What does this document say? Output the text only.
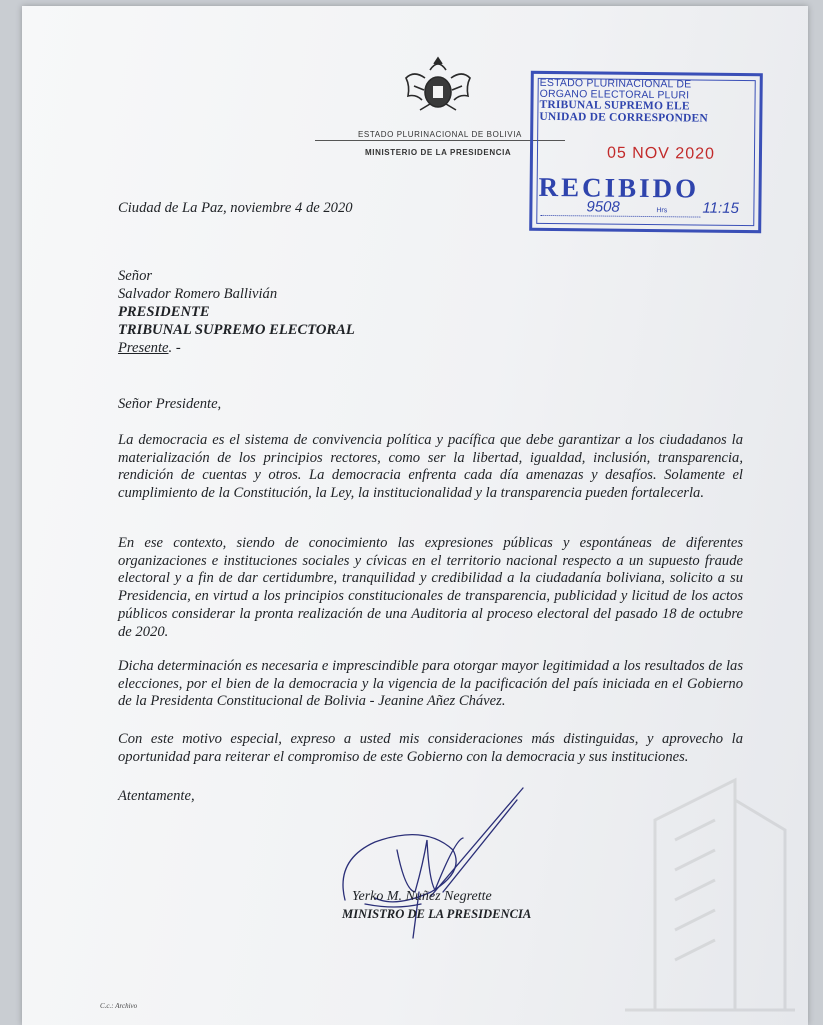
ESTADO PLURINACIONAL DE BOLIVIA
MINISTERIO DE LA PRESIDENCIA
ESTADO PLURINACIONAL DE
ORGANO ELECTORAL PLURI
TRIBUNAL SUPREMO ELE
UNIDAD DE CORRESPONDEN
05 NOV 2020
RECIBIDO
9508	Hrs 11:15
Ciudad de La Paz, noviembre 4 de 2020
Señor
Salvador Romero Ballivián
PRESIDENTE
TRIBUNAL SUPREMO ELECTORAL
Presente. -
Señor Presidente,

La democracia es el sistema de convivencia política y pacífica que debe garantizar a los ciudadanos la materialización de los principios rectores, como ser la libertad, igualdad, inclusión, transparencia, rendición de cuentas y otros. La democracia enfrenta cada día amenazas y desafíos. Solamente el cumplimiento de la Constitución, la Ley, la institucionalidad y la transparencia pueden fortalecerla.

En ese contexto, siendo de conocimiento las expresiones públicas y espontáneas de diferentes organizaciones e instituciones sociales y cívicas en el territorio nacional respecto a un supuesto fraude electoral y a fin de dar certidumbre, tranquilidad y credibilidad a la ciudadanía boliviana, solicito a su Presidencia, en virtud a los principios constitucionales de transparencia, publicidad y licitud de los actos públicos considerar la pronta realización de una Auditoria al proceso electoral del pasado 18 de octubre de 2020.

Dicha determinación es necesaria e imprescindible para otorgar mayor legitimidad a los resultados de las elecciones, por el bien de la democracia y la vigencia de la pacificación del país iniciada en el Gobierno de la Presidenta Constitucional de Bolivia - Jeanine Añez Chávez.

Con este motivo especial, expreso a usted mis consideraciones más distinguidas, y aprovecho la oportunidad para reiterar el compromiso de este Gobierno con la democracia y sus instituciones.

Atentamente,
Yerko M. Nuñez Negrette
MINISTRO DE LA PRESIDENCIA
C.c.: Archivo
